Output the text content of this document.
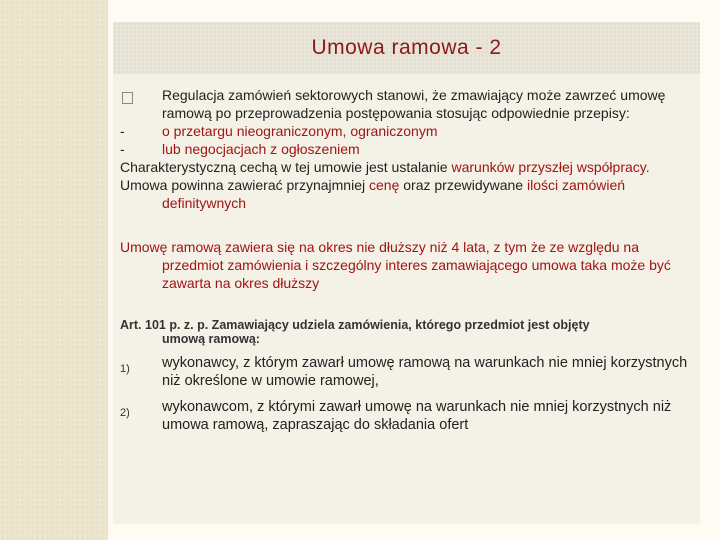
Umowa ramowa - 2
Regulacja zamówień sektorowych stanowi, że zmawiający może zawrzeć umowę ramową po przeprowadzenia postępowania stosując odpowiednie przepisy:
-	o przetargu nieograniczonym, ograniczonym
-	lub negocjacjach z ogłoszeniem
Charakterystyczną cechą w tej umowie jest ustalanie warunków przyszłej współpracy.
Umowa powinna zawierać przynajmniej cenę oraz przewidywane ilości zamówień definitywnych
Umowę ramową zawiera się na okres nie dłuższy niż 4 lata, z tym że ze względu na przedmiot zamówienia i szczególny interes zamawiającego umowa taka może być zawarta na okres dłuższy
Art. 101 p. z. p. Zamawiający udziela zamówienia, którego przedmiot jest objęty
umową ramową:
1) wykonawcy, z którym zawarł umowę ramową na warunkach nie mniej korzystnych niż określone w umowie ramowej,
2) wykonawcom, z którymi zawarł umowę na warunkach nie mniej korzystnych niż umowa ramową, zapraszając do składania ofert
